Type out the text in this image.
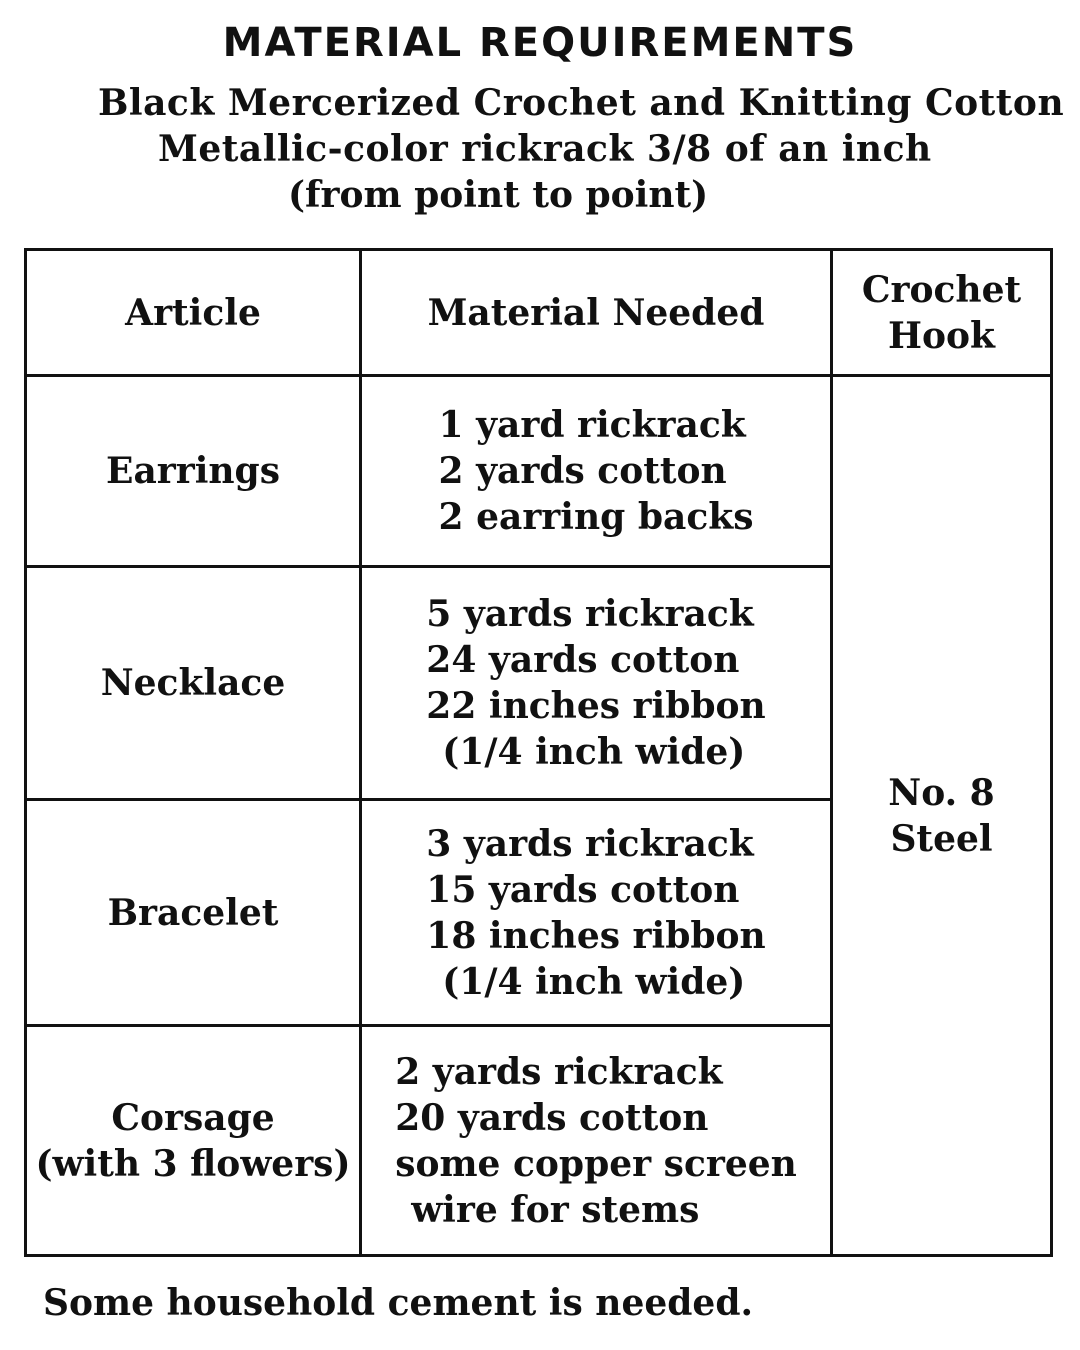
MATERIAL REQUIREMENTS

Black Mercerized Crochet and Knitting Cotton

Metallic-color rickrack 3/8 of an inch

(from point to point)

Article	Material Needed	Crochet
Hook

Earrings	1 yard rickrack
2 yards cotton
2 earring backs	No. 8
Steel

Necklace	5 yards rickrack
24 yards cotton
22 inches ribbon
(1/4 inch wide)	

Bracelet	3 yards rickrack
15 yards cotton
18 inches ribbon
(1/4 inch wide)	

Corsage
(with 3 flowers)	2 yards rickrack
20 yards cotton
some copper screen
wire for stems	

Some household cement is needed.
